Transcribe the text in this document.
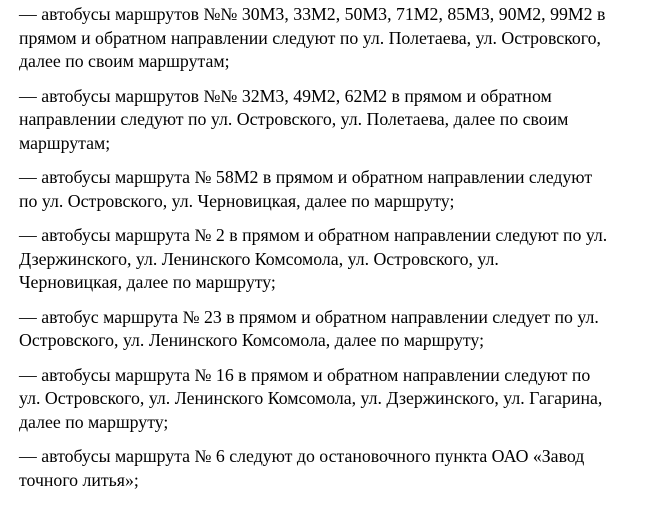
— автобусы маршрутов №№ 30М3, 33М2, 50М3, 71М2, 85М3, 90М2, 99М2 в
прямом и обратном направлении следуют по ул. Полетаева, ул. Островского,
далее по своим маршрутам;

— автобусы маршрутов №№ 32М3, 49М2, 62М2 в прямом и обратном
направлении следуют по ул. Островского, ул. Полетаева, далее по своим
маршрутам;

— автобусы маршрута № 58М2 в прямом и обратном направлении следуют
по ул. Островского, ул. Черновицкая, далее по маршруту;

— автобусы маршрута № 2 в прямом и обратном направлении следуют по ул.
Дзержинского, ул. Ленинского Комсомола, ул. Островского, ул.
Черновицкая, далее по маршруту;

— автобус маршрута № 23 в прямом и обратном направлении следует по ул.
Островского, ул. Ленинского Комсомола, далее по маршруту;

— автобусы маршрута № 16 в прямом и обратном направлении следуют по
ул. Островского, ул. Ленинского Комсомола, ул. Дзержинского, ул. Гагарина,
далее по маршруту;

— автобусы маршрута № 6 следуют до остановочного пункта ОАО «Завод
точного литья»;
